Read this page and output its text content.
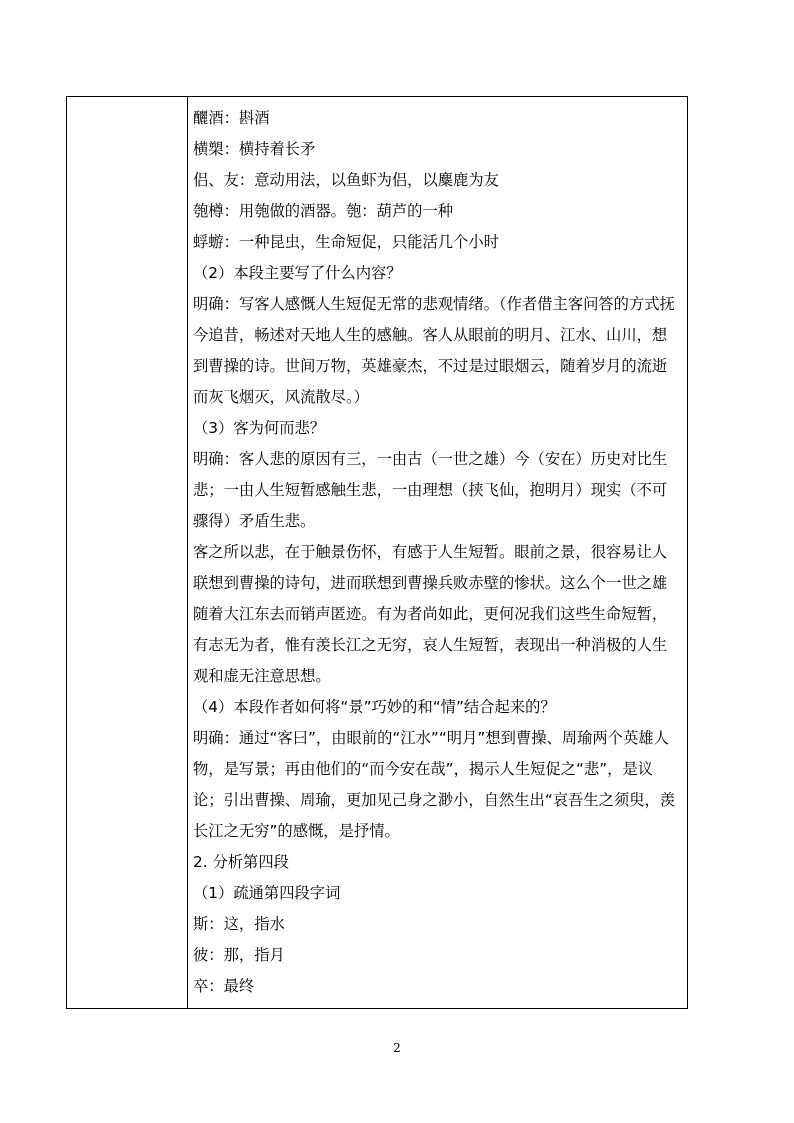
釃酒：斟酒

横槊：横持着长矛

侣、友：意动用法，以鱼虾为侣，以麋鹿为友

匏樽：用匏做的酒器。匏：葫芦的一种

蜉蝣：一种昆虫，生命短促，只能活几个小时

（2）本段主要写了什么内容？

明确：写客人感慨人生短促无常的悲观情绪。（作者借主客问答的方式抚今追昔，畅述对天地人生的感触。客人从眼前的明月、江水、山川，想到曹操的诗。世间万物，英雄豪杰，不过是过眼烟云，随着岁月的流逝而灰飞烟灭，风流散尽。）

（3）客为何而悲？

明确：客人悲的原因有三，一由古（一世之雄）今（安在）历史对比生悲；一由人生短暂感触生悲，一由理想（挟飞仙，抱明月）现实（不可骤得）矛盾生悲。

客之所以悲，在于触景伤怀，有感于人生短暂。眼前之景，很容易让人联想到曹操的诗句，进而联想到曹操兵败赤壁的惨状。这么个一世之雄随着大江东去而销声匿迹。有为者尚如此，更何况我们这些生命短暂，有志无为者，惟有羡长江之无穷，哀人生短暂，表现出一种消极的人生观和虚无注意思想。

（4）本段作者如何将“景”巧妙的和“情”结合起来的？

明确：通过“客曰”，由眼前的“江水”“明月”想到曹操、周瑜两个英雄人物，是写景；再由他们的“而今安在哉”，揭示人生短促之“悲”，是议论；引出曹操、周瑜，更加见己身之渺小，自然生出“哀吾生之须臾，羡长江之无穷”的感慨，是抒情。

2. 分析第四段

（1）疏通第四段字词

斯：这，指水

彼：那，指月

卒：最终

2
